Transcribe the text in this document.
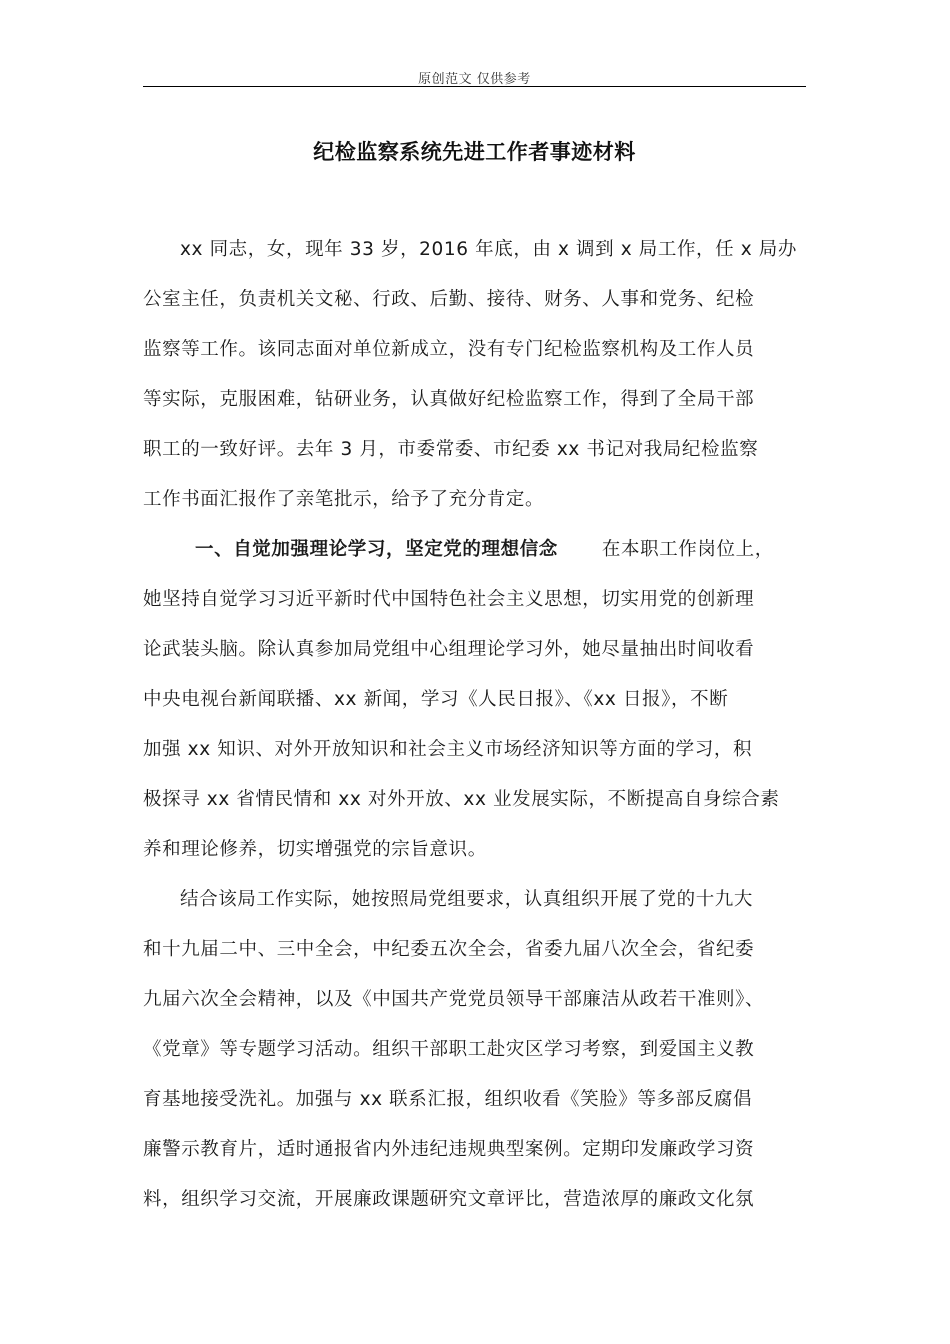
原创范文 仅供参考
纪检监察系统先进工作者事迹材料
xx 同志，女，现年 33 岁，2016 年底，由 x 调到 x 局工作，任 x 局办
公室主任，负责机关文秘、行政、后勤、接待、财务、人事和党务、纪检
监察等工作。该同志面对单位新成立，没有专门纪检监察机构及工作人员
等实际，克服困难，钻研业务，认真做好纪检监察工作，得到了全局干部
职工的一致好评。去年 3 月，市委常委、市纪委 xx 书记对我局纪检监察
工作书面汇报作了亲笔批示，给予了充分肯定。
一、自觉加强理论学习，坚定党的理想信念 在本职工作岗位上，
她坚持自觉学习习近平新时代中国特色社会主义思想，切实用党的创新理
论武装头脑。除认真参加局党组中心组理论学习外，她尽量抽出时间收看
中央电视台新闻联播、xx 新闻，学习《人民日报》、《xx 日报》，不断
加强 xx 知识、对外开放知识和社会主义市场经济知识等方面的学习，积
极探寻 xx 省情民情和 xx 对外开放、xx 业发展实际，不断提高自身综合素
养和理论修养，切实增强党的宗旨意识。
结合该局工作实际，她按照局党组要求，认真组织开展了党的十九大
和十九届二中、三中全会，中纪委五次全会，省委九届八次全会，省纪委
九届六次全会精神，以及《中国共产党党员领导干部廉洁从政若干准则》、
《党章》等专题学习活动。组织干部职工赴灾区学习考察，到爱国主义教
育基地接受洗礼。加强与 xx 联系汇报，组织收看《笑脸》等多部反腐倡
廉警示教育片，适时通报省内外违纪违规典型案例。定期印发廉政学习资
料，组织学习交流，开展廉政课题研究文章评比，营造浓厚的廉政文化氛
